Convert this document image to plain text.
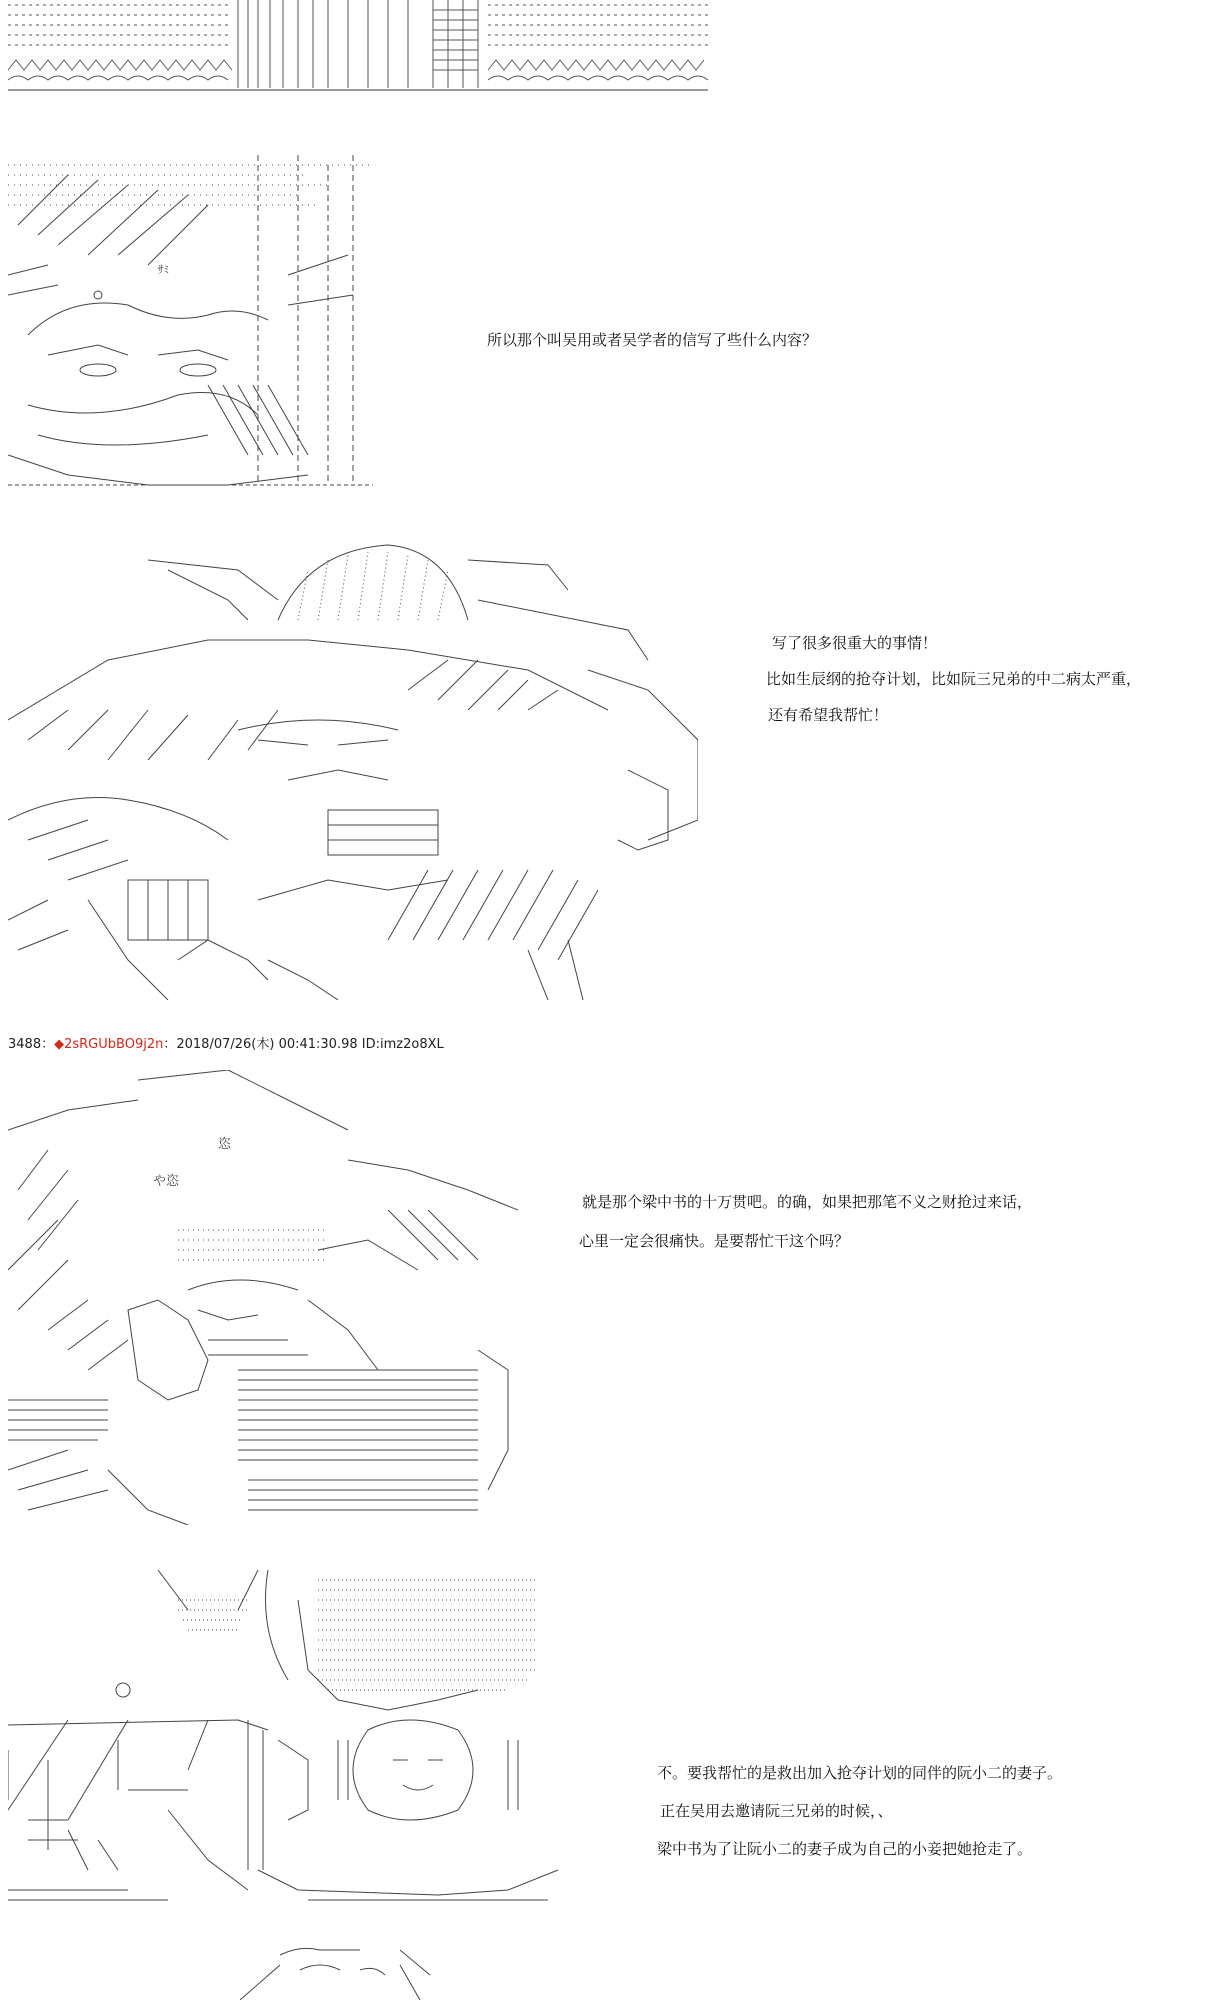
ｻﾐ
所以那个叫吴用或者吴学者的信写了些什么内容？
写了很多很重大的事情！
比如生辰纲的抢夺计划，比如阮三兄弟的中二病太严重，
还有希望我帮忙！
3488：◆2sRGUbBO9j2n：2018/07/26(木) 00:41:30.98 ID:imz2o8XL
恣
や恣
就是那个梁中书的十万贯吧。的确，如果把那笔不义之财抢过来话，
心里一定会很痛快。是要帮忙干这个吗？
不。要我帮忙的是救出加入抢夺计划的同伴的阮小二的妻子。
正在吴用去邀请阮三兄弟的时候，、
梁中书为了让阮小二的妻子成为自己的小妾把她抢走了。
